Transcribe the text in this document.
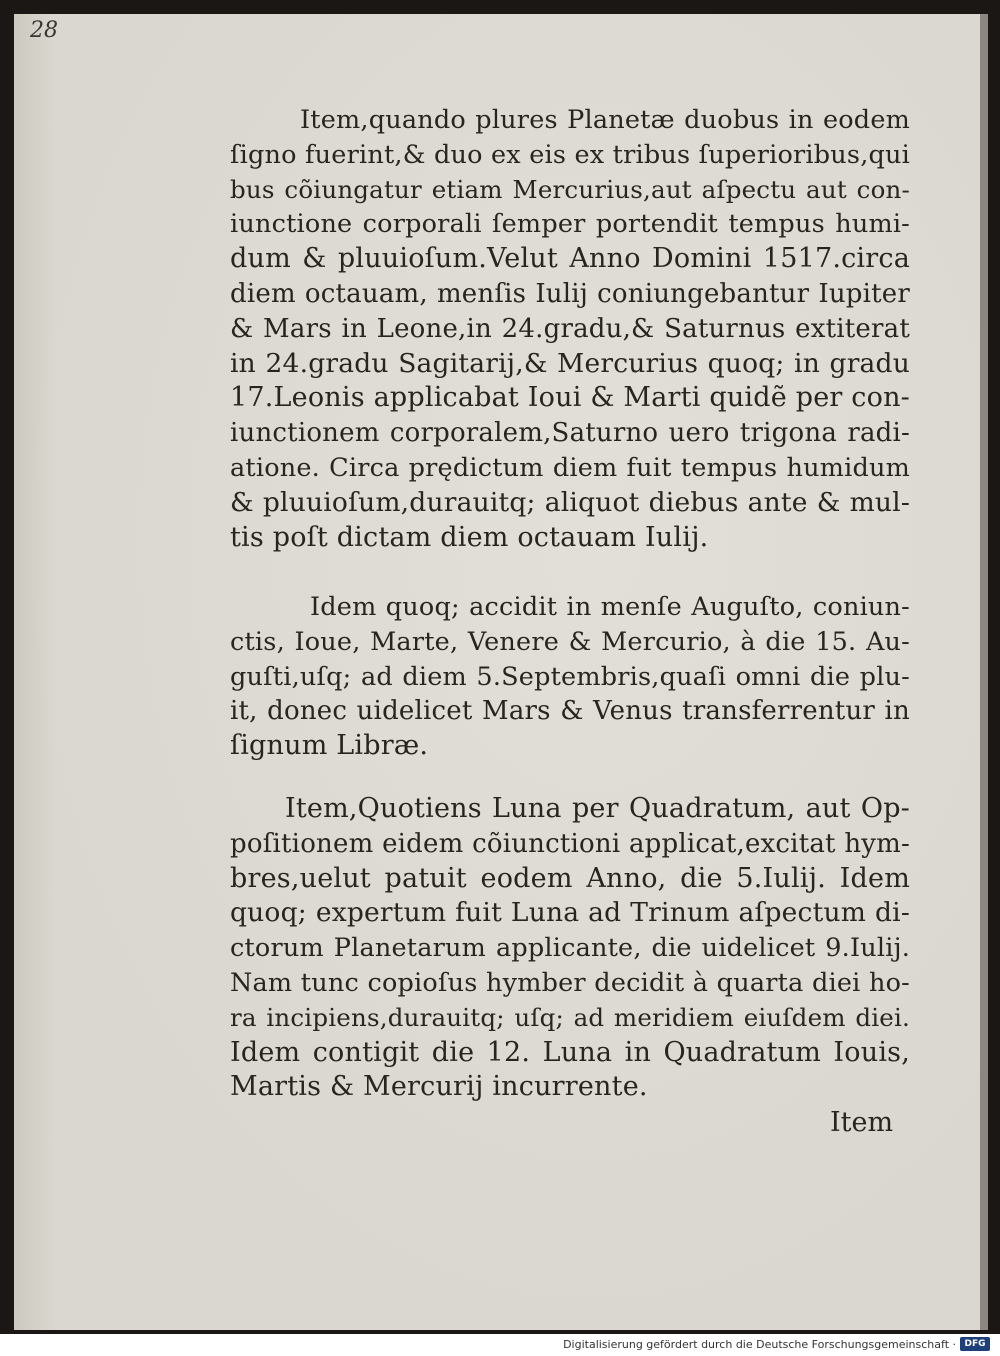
28
Item,quando plures Planetæ duobus in eodem
ſigno fuerint,& duo ex eis ex tribus ſuperioribus,qui
bus cõiungatur etiam Mercurius,aut aſpectu aut con-
iunctione corporali ſemper portendit tempus humi-
dum & pluuioſum.Velut Anno Domini 1517.circa
diem octauam, menſis Iulij coniungebantur Iupiter
& Mars in Leone,in 24.gradu,& Saturnus extiterat
in 24.gradu Sagitarij,& Mercurius quoq; in gradu
17.Leonis applicabat Ioui & Marti quidẽ per con-
iunctionem corporalem,Saturno uero trigona radi-
atione. Circa prędictum diem fuit tempus humidum
& pluuioſum,durauitq; aliquot diebus ante & mul-
tis poſt dictam diem octauam Iulij.
Idem quoq; accidit in menſe Auguſto, coniun-
ctis, Ioue, Marte, Venere & Mercurio, à die 15. Au-
guſti,uſq; ad diem 5.Septembris,quaſi omni die plu-
it, donec uidelicet Mars & Venus transferrentur in
ſignum Libræ.
Item,Quotiens Luna per Quadratum, aut Op-
poſitionem eidem cõiunctioni applicat,excitat hym-
bres,uelut patuit eodem Anno, die 5.Iulij. Idem
quoq; expertum fuit Luna ad Trinum aſpectum di-
ctorum Planetarum applicante, die uidelicet 9.Iulij.
Nam tunc copioſus hymber decidit à quarta diei ho-
ra incipiens,durauitq; uſq; ad meridiem eiuſdem diei.
Idem contigit die 12. Luna in Quadratum Iouis,
Martis & Mercurij incurrente.
Item
Digitalisierung gefördert durch die Deutsche Forschungsgemeinschaft · DFG
